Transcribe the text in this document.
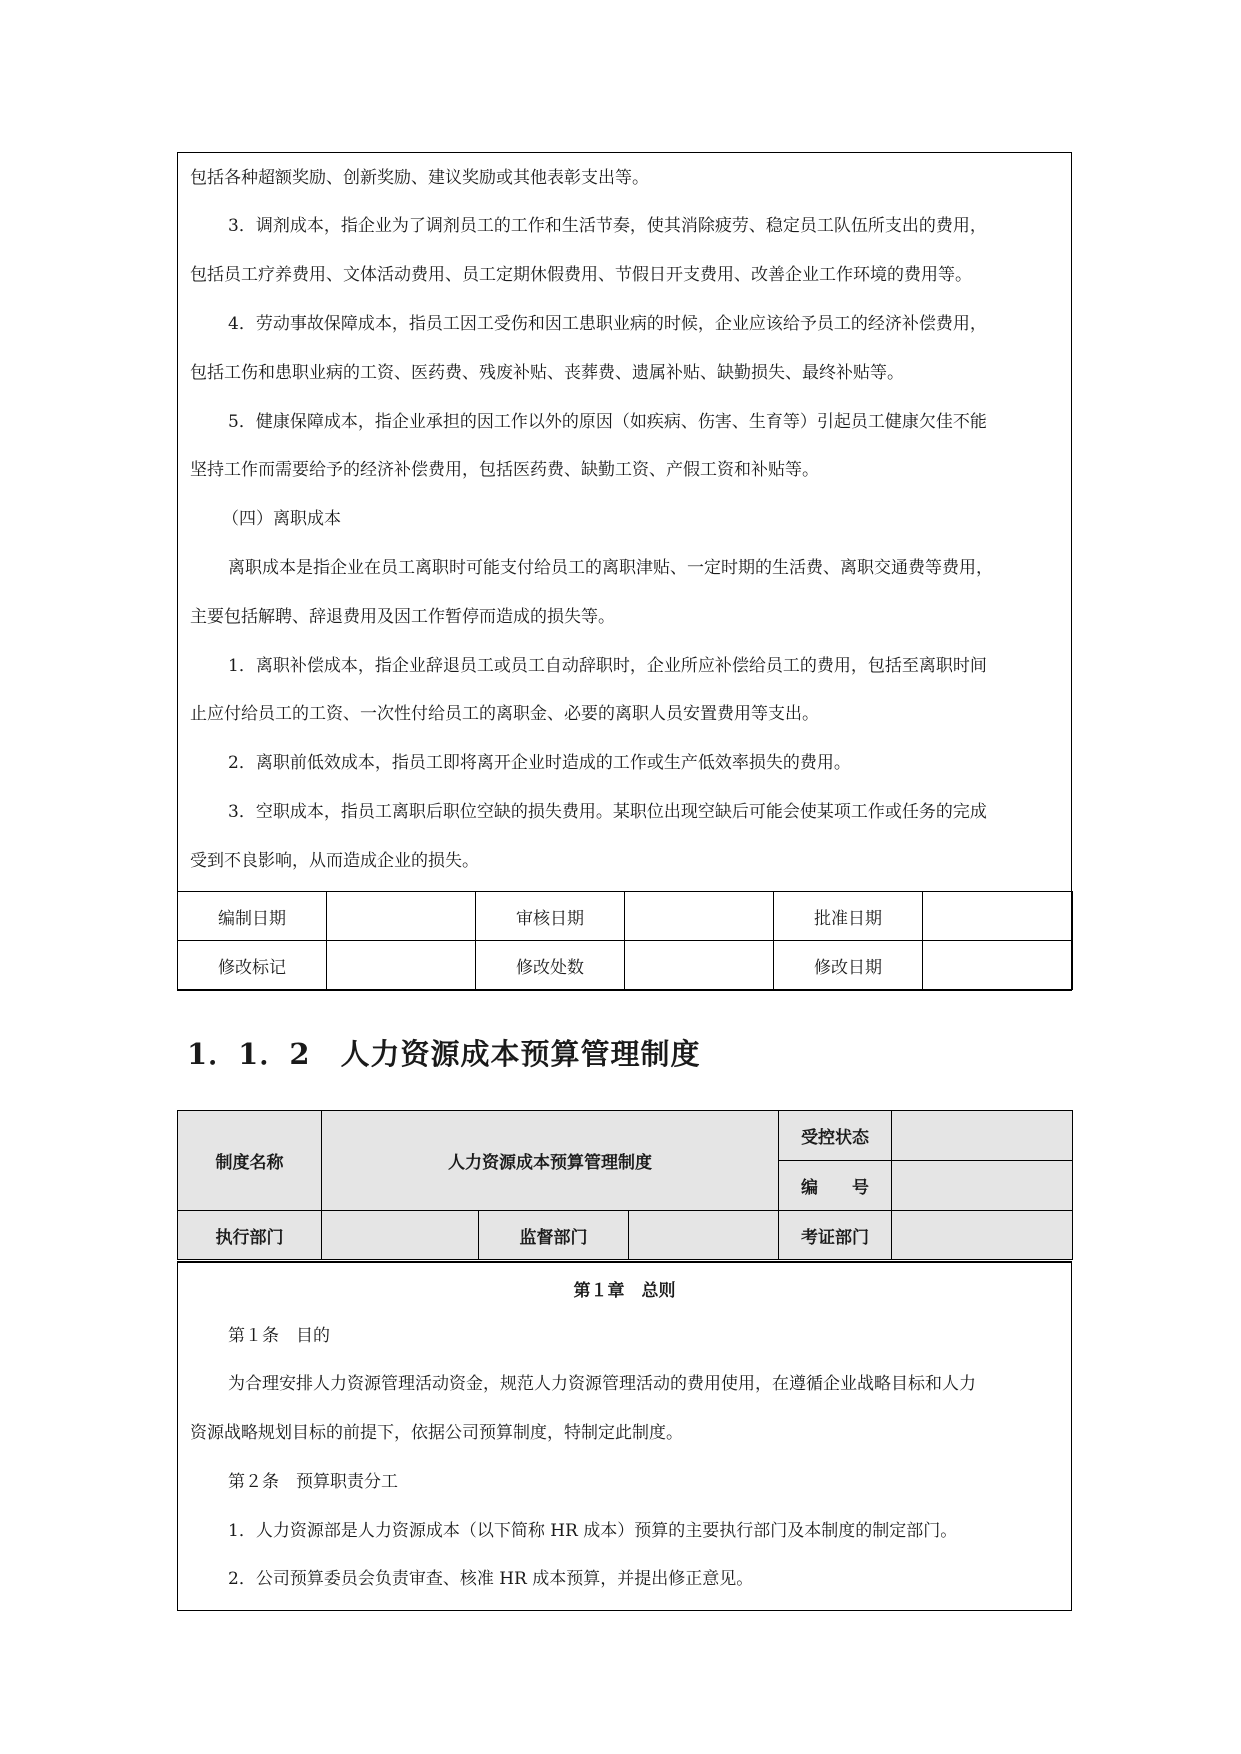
包括各种超额奖励、创新奖励、建议奖励或其他表彰支出等。
3．调剂成本，指企业为了调剂员工的工作和生活节奏，使其消除疲劳、稳定员工队伍所支出的费用，
包括员工疗养费用、文体活动费用、员工定期休假费用、节假日开支费用、改善企业工作环境的费用等。
4．劳动事故保障成本，指员工因工受伤和因工患职业病的时候，企业应该给予员工的经济补偿费用，
包括工伤和患职业病的工资、医药费、残废补贴、丧葬费、遗属补贴、缺勤损失、最终补贴等。
5．健康保障成本，指企业承担的因工作以外的原因（如疾病、伤害、生育等）引起员工健康欠佳不能
坚持工作而需要给予的经济补偿费用，包括医药费、缺勤工资、产假工资和补贴等。
（四）离职成本
离职成本是指企业在员工离职时可能支付给员工的离职津贴、一定时期的生活费、离职交通费等费用，
主要包括解聘、辞退费用及因工作暂停而造成的损失等。
1．离职补偿成本，指企业辞退员工或员工自动辞职时，企业所应补偿给员工的费用，包括至离职时间
止应付给员工的工资、一次性付给员工的离职金、必要的离职人员安置费用等支出。
2．离职前低效成本，指员工即将离开企业时造成的工作或生产低效率损失的费用。
3．空职成本，指员工离职后职位空缺的损失费用。某职位出现空缺后可能会使某项工作或任务的完成
受到不良影响，从而造成企业的损失。
编制日期		审核日期		批准日期	
修改标记		修改处数		修改日期	
1．1．2　人力资源成本预算管理制度
制度名称	人力资源成本预算管理制度			受控状态	
				编　　号	
执行部门		监督部门		考证部门	
第１章　总则
第１条　目的
为合理安排人力资源管理活动资金，规范人力资源管理活动的费用使用，在遵循企业战略目标和人力
资源战略规划目标的前提下，依据公司预算制度，特制定此制度。
第２条　预算职责分工
1．人力资源部是人力资源成本（以下简称 HR 成本）预算的主要执行部门及本制度的制定部门。
2．公司预算委员会负责审查、核准 HR 成本预算，并提出修正意见。
